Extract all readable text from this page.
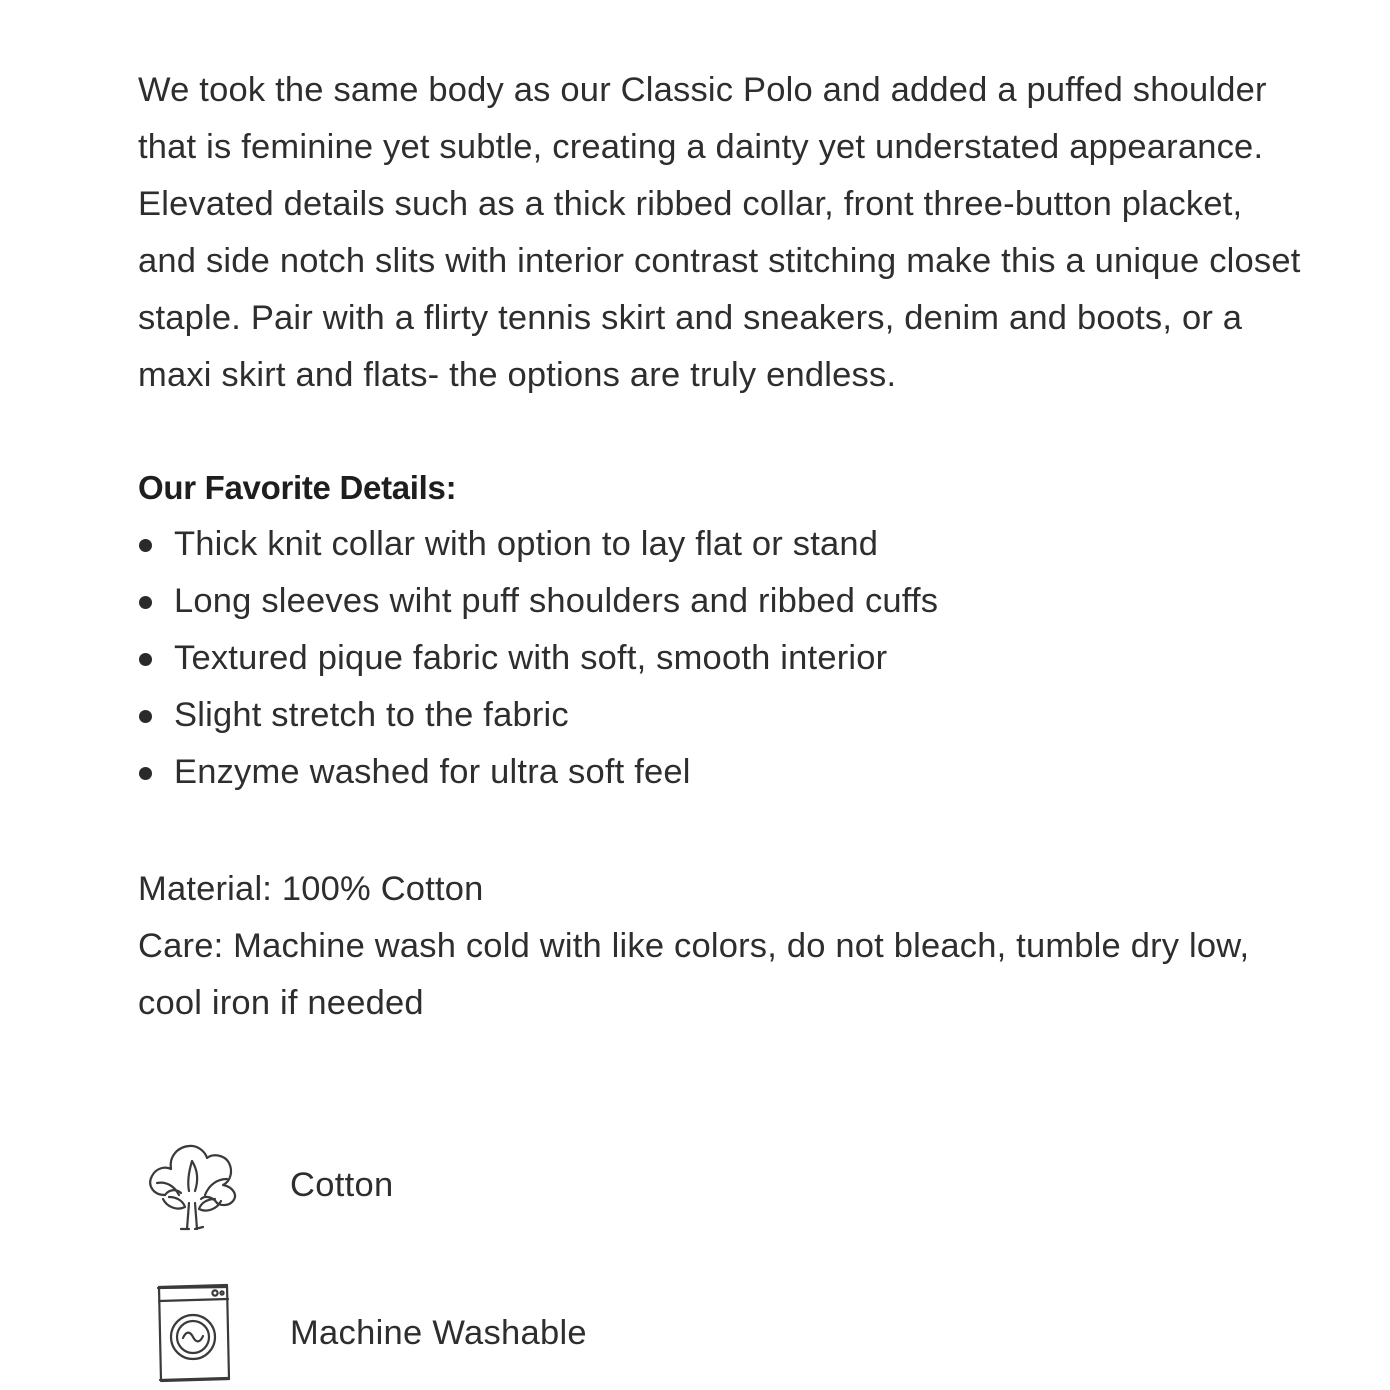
We took the same body as our Classic Polo and added a puffed shoulder that is feminine yet subtle, creating a dainty yet understated appearance. Elevated details such as a thick ribbed collar, front three-button placket, and side notch slits with interior contrast stitching make this a unique closet staple. Pair with a flirty tennis skirt and sneakers, denim and boots, or a maxi skirt and flats- the options are truly endless.

Our Favorite Details:
Thick knit collar with option to lay flat or stand
Long sleeves wiht puff shoulders and ribbed cuffs
Textured pique fabric with soft, smooth interior
Slight stretch to the fabric
Enzyme washed for ultra soft feel

Material: 100% Cotton

Care: Machine wash cold with like colors, do not bleach, tumble dry low, cool iron if needed

Cotton
Machine Washable
